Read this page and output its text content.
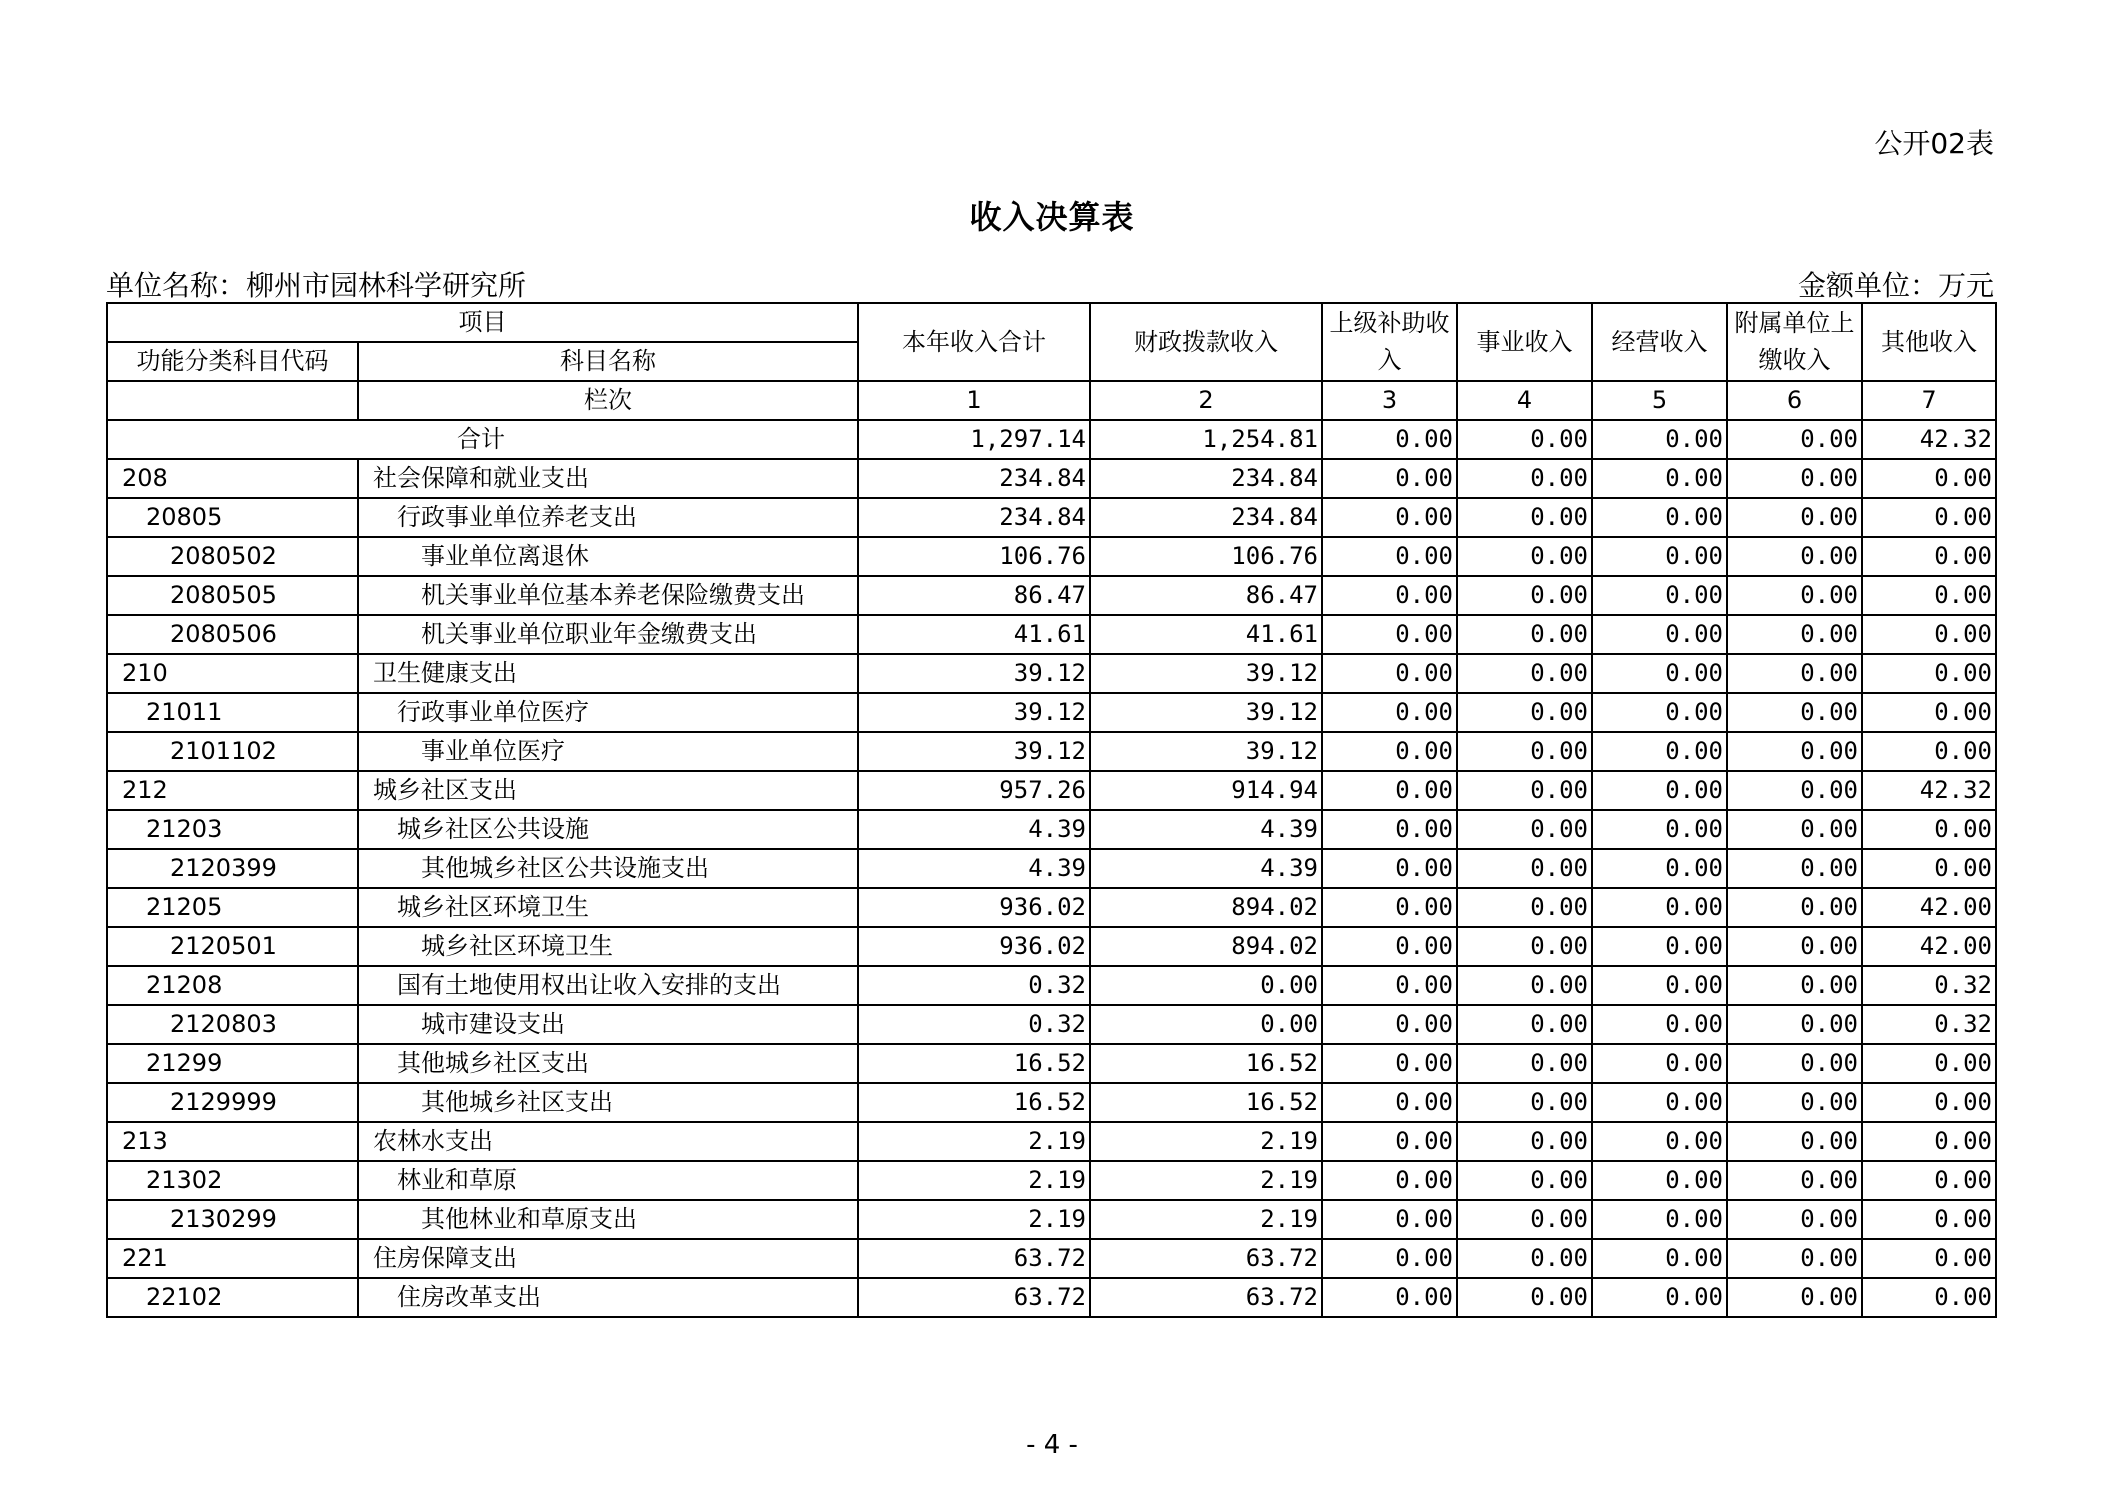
公开02表
收入决算表
单位名称：柳州市园林科学研究所	金额单位：万元
项目		本年收入合计	财政拨款收入	上级补助收入	事业收入	经营收入	附属单位上缴收入	其他收入
功能分类科目代码	科目名称							
	栏次	1	2	3	4	5	6	7
合计		1,297.14	1,254.81	0.00	0.00	0.00	0.00	42.32
208	社会保障和就业支出	234.84	234.84	0.00	0.00	0.00	0.00	0.00
20805	行政事业单位养老支出	234.84	234.84	0.00	0.00	0.00	0.00	0.00
2080502	事业单位离退休	106.76	106.76	0.00	0.00	0.00	0.00	0.00
2080505	机关事业单位基本养老保险缴费支出	86.47	86.47	0.00	0.00	0.00	0.00	0.00
2080506	机关事业单位职业年金缴费支出	41.61	41.61	0.00	0.00	0.00	0.00	0.00
210	卫生健康支出	39.12	39.12	0.00	0.00	0.00	0.00	0.00
21011	行政事业单位医疗	39.12	39.12	0.00	0.00	0.00	0.00	0.00
2101102	事业单位医疗	39.12	39.12	0.00	0.00	0.00	0.00	0.00
212	城乡社区支出	957.26	914.94	0.00	0.00	0.00	0.00	42.32
21203	城乡社区公共设施	4.39	4.39	0.00	0.00	0.00	0.00	0.00
2120399	其他城乡社区公共设施支出	4.39	4.39	0.00	0.00	0.00	0.00	0.00
21205	城乡社区环境卫生	936.02	894.02	0.00	0.00	0.00	0.00	42.00
2120501	城乡社区环境卫生	936.02	894.02	0.00	0.00	0.00	0.00	42.00
21208	国有土地使用权出让收入安排的支出	0.32	0.00	0.00	0.00	0.00	0.00	0.32
2120803	城市建设支出	0.32	0.00	0.00	0.00	0.00	0.00	0.32
21299	其他城乡社区支出	16.52	16.52	0.00	0.00	0.00	0.00	0.00
2129999	其他城乡社区支出	16.52	16.52	0.00	0.00	0.00	0.00	0.00
213	农林水支出	2.19	2.19	0.00	0.00	0.00	0.00	0.00
21302	林业和草原	2.19	2.19	0.00	0.00	0.00	0.00	0.00
2130299	其他林业和草原支出	2.19	2.19	0.00	0.00	0.00	0.00	0.00
221	住房保障支出	63.72	63.72	0.00	0.00	0.00	0.00	0.00
22102	住房改革支出	63.72	63.72	0.00	0.00	0.00	0.00	0.00
- 4 -
